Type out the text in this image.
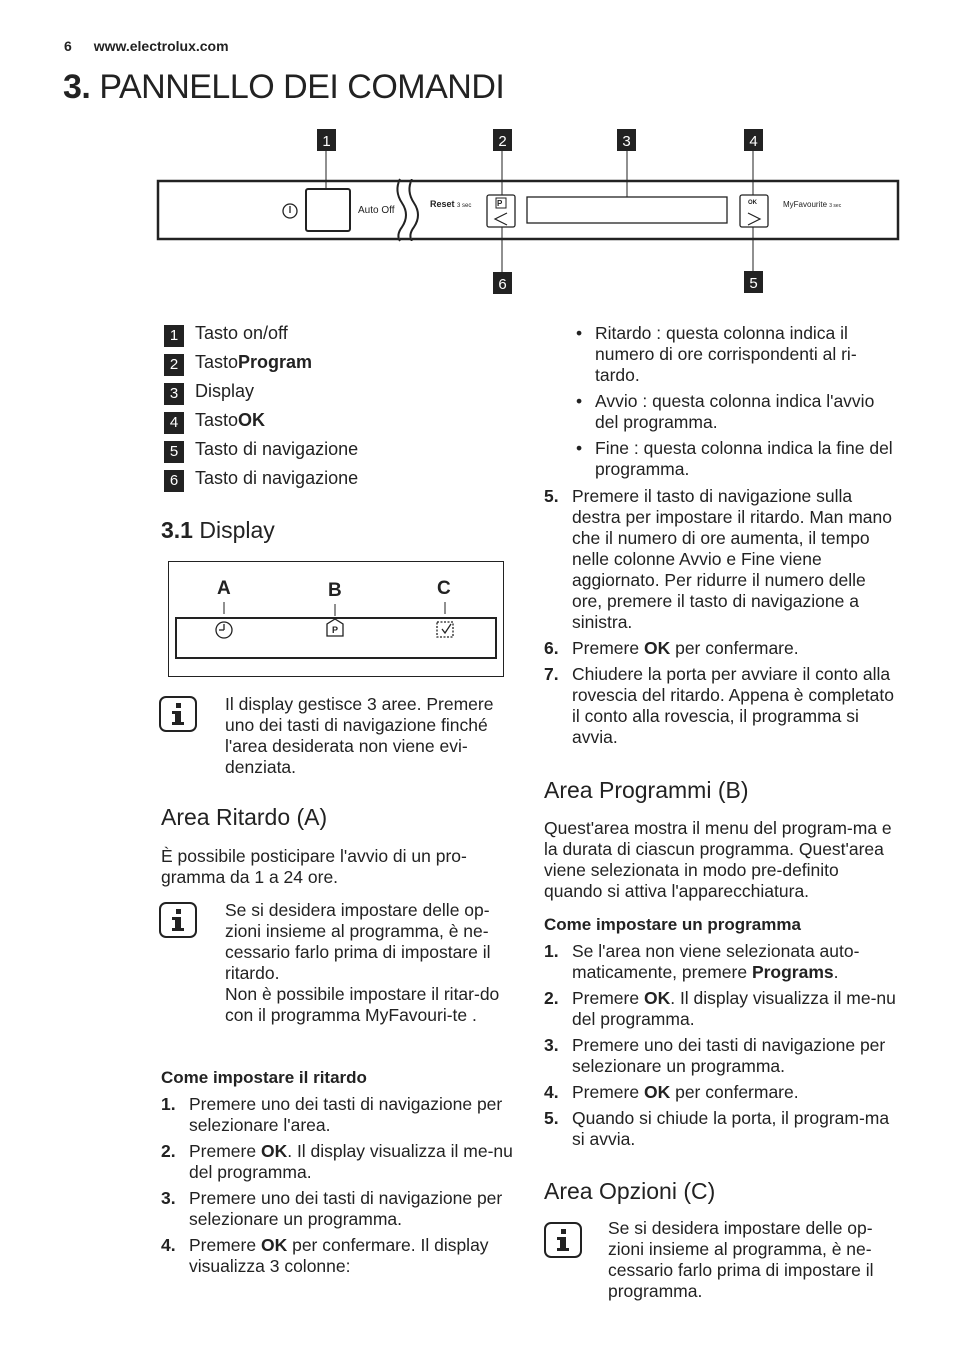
6 www.electrolux.com
3. PANNELLO DEI COMANDI
1	2	3	4
5
6
Auto Off
Reset 3 sec	P	OK	MyFavourite 3 sec
1 Tasto on/off
2 TastoProgram
3 Display
4 TastoOK
5 Tasto di navigazione
6 Tasto di navigazione
3.1 Display
A	B	C
P
Il display gestisce 3 aree. Premere uno dei tasti di navigazione finché l'area desiderata non viene evi-denziata.
Area Ritardo (A)
È possibile posticipare l'avvio di un pro-gramma da 1 a 24 ore.
Se si desidera impostare delle op-zioni insieme al programma, è ne-cessario farlo prima di impostare il ritardo.
Non è possibile impostare il ritar-do con il programma MyFavouri-te .
Come impostare il ritardo
1. Premere uno dei tasti di navigazione per selezionare l'area.
2. Premere OK. Il display visualizza il me-nu del programma.
3. Premere uno dei tasti di navigazione per selezionare un programma.
4. Premere OK per confermare. Il display visualizza 3 colonne:
• Ritardo : questa colonna indica il numero di ore corrispondenti al ri-tardo.
• Avvio : questa colonna indica l'avvio del programma.
• Fine : questa colonna indica la fine del programma.
5. Premere il tasto di navigazione sulla destra per impostare il ritardo. Man mano che il numero di ore aumenta, il tempo nelle colonne Avvio e Fine viene aggiornato. Per ridurre il numero delle ore, premere il tasto di navigazione a sinistra.
6. Premere OK per confermare.
7. Chiudere la porta per avviare il conto alla rovescia del ritardo. Appena è completato il conto alla rovescia, il programma si avvia.
Area Programmi (B)
Quest'area mostra il menu del program-ma e la durata di ciascun programma. Quest'area viene selezionata in modo pre-definito quando si attiva l'apparecchiatura.
Come impostare un programma
1. Se l'area non viene selezionata auto-maticamente, premere Programs.
2. Premere OK. Il display visualizza il me-nu del programma.
3. Premere uno dei tasti di navigazione per selezionare un programma.
4. Premere OK per confermare.
5. Quando si chiude la porta, il program-ma si avvia.
Area Opzioni (C)
Se si desidera impostare delle op-zioni insieme al programma, è ne-cessario farlo prima di impostare il programma.
